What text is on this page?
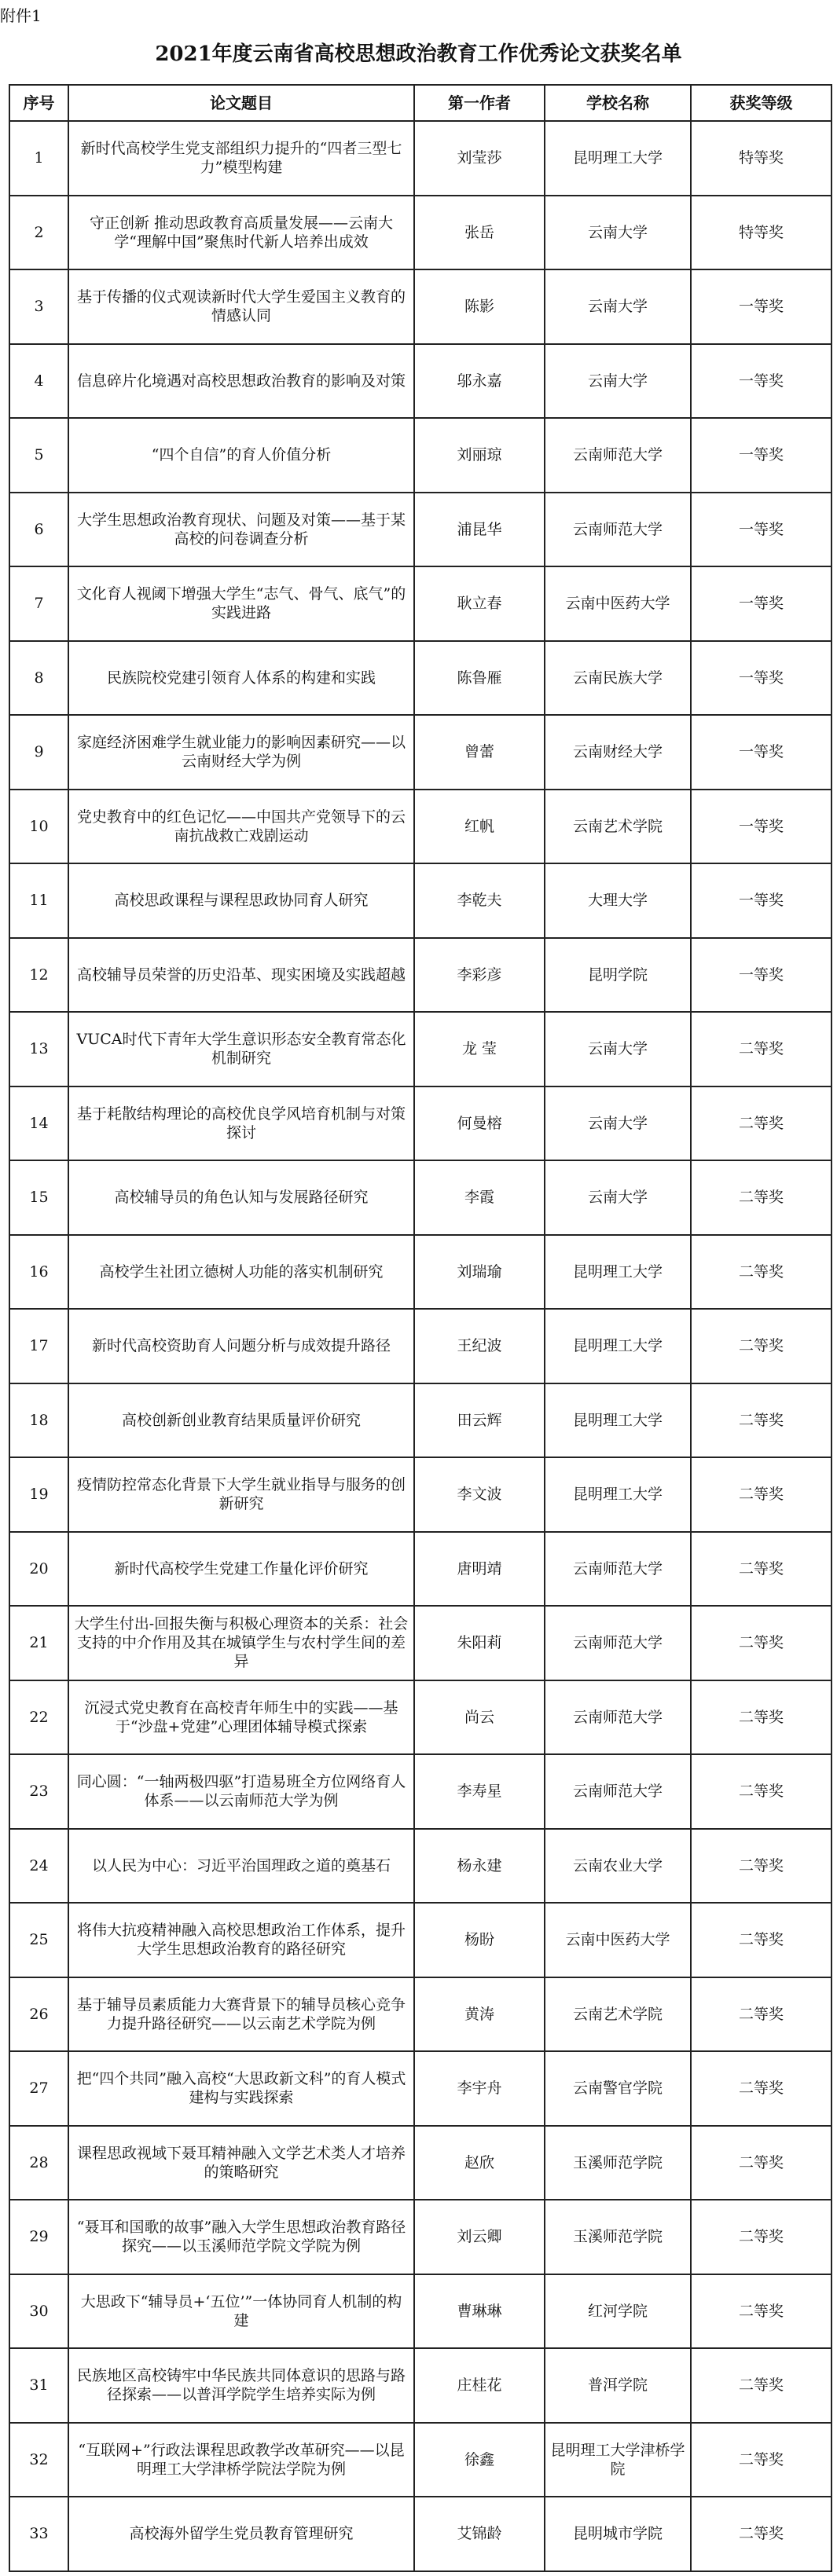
附件1
2021年度云南省高校思想政治教育工作优秀论文获奖名单
序号	论文题目	第一作者	学校名称	获奖等级
1	新时代高校学生党支部组织力提升的“四者三型七力”模型构建	刘莹莎	昆明理工大学	特等奖
2	守正创新 推动思政教育高质量发展——云南大学“理解中国”聚焦时代新人培养出成效	张岳	云南大学	特等奖
3	基于传播的仪式观读新时代大学生爱国主义教育的情感认同	陈影	云南大学	一等奖
4	信息碎片化境遇对高校思想政治教育的影响及对策	邬永嘉	云南大学	一等奖
5	“四个自信”的育人价值分析	刘丽琼	云南师范大学	一等奖
6	大学生思想政治教育现状、问题及对策——基于某高校的问卷调查分析	浦昆华	云南师范大学	一等奖
7	文化育人视阈下增强大学生“志气、骨气、底气”的实践进路	耿立春	云南中医药大学	一等奖
8	民族院校党建引领育人体系的构建和实践	陈鲁雁	云南民族大学	一等奖
9	家庭经济困难学生就业能力的影响因素研究——以云南财经大学为例	曾蕾	云南财经大学	一等奖
10	党史教育中的红色记忆——中国共产党领导下的云南抗战救亡戏剧运动	红帆	云南艺术学院	一等奖
11	高校思政课程与课程思政协同育人研究	李乾夫	大理大学	一等奖
12	高校辅导员荣誉的历史沿革、现实困境及实践超越	李彩彦	昆明学院	一等奖
13	VUCA时代下青年大学生意识形态安全教育常态化机制研究	龙 莹	云南大学	二等奖
14	基于耗散结构理论的高校优良学风培育机制与对策探讨	何曼榕	云南大学	二等奖
15	高校辅导员的角色认知与发展路径研究	李霞	云南大学	二等奖
16	高校学生社团立德树人功能的落实机制研究	刘瑞瑜	昆明理工大学	二等奖
17	新时代高校资助育人问题分析与成效提升路径	王纪波	昆明理工大学	二等奖
18	高校创新创业教育结果质量评价研究	田云辉	昆明理工大学	二等奖
19	疫情防控常态化背景下大学生就业指导与服务的创新研究	李文波	昆明理工大学	二等奖
20	新时代高校学生党建工作量化评价研究	唐明靖	云南师范大学	二等奖
21	大学生付出-回报失衡与积极心理资本的关系：社会支持的中介作用及其在城镇学生与农村学生间的差异	朱阳莉	云南师范大学	二等奖
22	沉浸式党史教育在高校青年师生中的实践——基于“沙盘+党建”心理团体辅导模式探索	尚云	云南师范大学	二等奖
23	同心圆：“一轴两极四驱”打造易班全方位网络育人体系——以云南师范大学为例	李寿星	云南师范大学	二等奖
24	以人民为中心：习近平治国理政之道的奠基石	杨永建	云南农业大学	二等奖
25	将伟大抗疫精神融入高校思想政治工作体系，提升大学生思想政治教育的路径研究	杨盼	云南中医药大学	二等奖
26	基于辅导员素质能力大赛背景下的辅导员核心竞争力提升路径研究——以云南艺术学院为例	黄涛	云南艺术学院	二等奖
27	把“四个共同”融入高校“大思政新文科”的育人模式建构与实践探索	李宇舟	云南警官学院	二等奖
28	课程思政视域下聂耳精神融入文学艺术类人才培养的策略研究	赵欣	玉溪师范学院	二等奖
29	“聂耳和国歌的故事”融入大学生思想政治教育路径探究——以玉溪师范学院文学院为例	刘云卿	玉溪师范学院	二等奖
30	大思政下“辅导员+‘五位’”一体协同育人机制的构建	曹琳琳	红河学院	二等奖
31	民族地区高校铸牢中华民族共同体意识的思路与路径探索——以普洱学院学生培养实际为例	庄桂花	普洱学院	二等奖
32	“互联网+”行政法课程思政教学改革研究——以昆明理工大学津桥学院法学院为例	徐鑫	昆明理工大学津桥学院	二等奖
33	高校海外留学生党员教育管理研究	艾锦龄	昆明城市学院	二等奖
